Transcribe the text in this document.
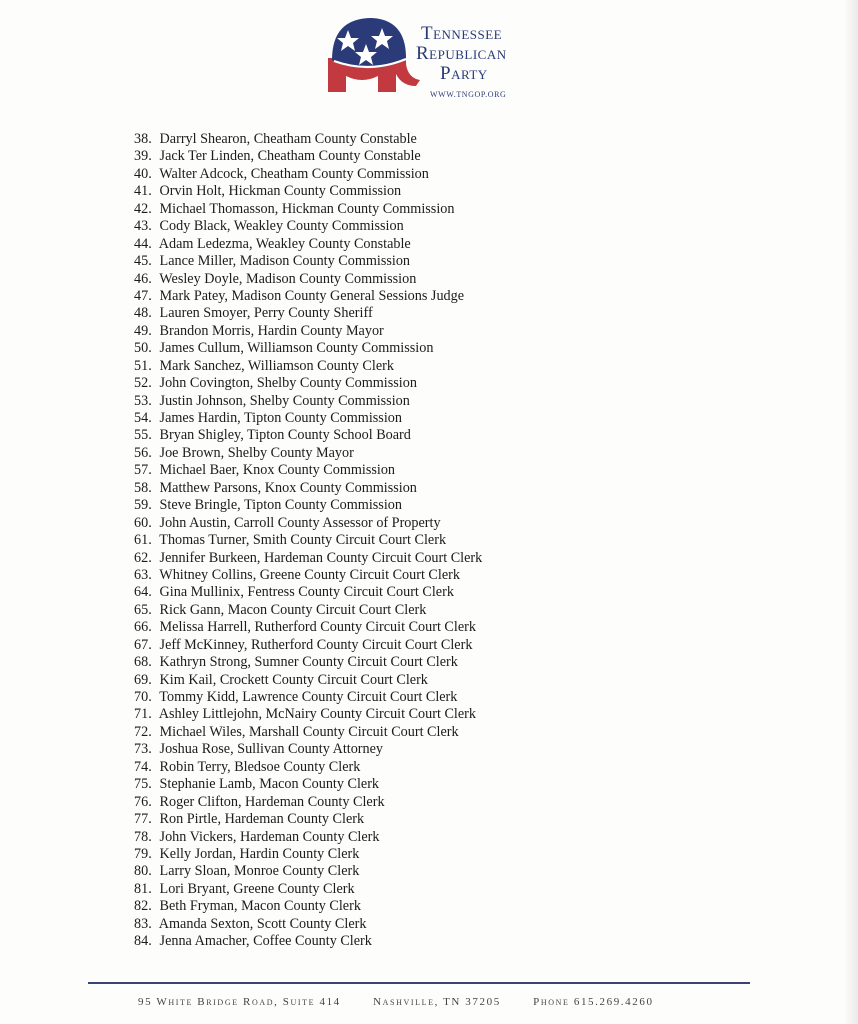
Tennessee
Republican
Party
WWW.TNGOP.ORG
38. Darryl Shearon, Cheatham County Constable
39. Jack Ter Linden, Cheatham County Constable
40. Walter Adcock, Cheatham County Commission
41. Orvin Holt, Hickman County Commission
42. Michael Thomasson, Hickman County Commission
43. Cody Black, Weakley County Commission
44. Adam Ledezma, Weakley County Constable
45. Lance Miller, Madison County Commission
46. Wesley Doyle, Madison County Commission
47. Mark Patey, Madison County General Sessions Judge
48. Lauren Smoyer, Perry County Sheriff
49. Brandon Morris, Hardin County Mayor
50. James Cullum, Williamson County Commission
51. Mark Sanchez, Williamson County Clerk
52. John Covington, Shelby County Commission
53. Justin Johnson, Shelby County Commission
54. James Hardin, Tipton County Commission
55. Bryan Shigley, Tipton County School Board
56. Joe Brown, Shelby County Mayor
57. Michael Baer, Knox County Commission
58. Matthew Parsons, Knox County Commission
59. Steve Bringle, Tipton County Commission
60. John Austin, Carroll County Assessor of Property
61. Thomas Turner, Smith County Circuit Court Clerk
62. Jennifer Burkeen, Hardeman County Circuit Court Clerk
63. Whitney Collins, Greene County Circuit Court Clerk
64. Gina Mullinix, Fentress County Circuit Court Clerk
65. Rick Gann, Macon County Circuit Court Clerk
66. Melissa Harrell, Rutherford County Circuit Court Clerk
67. Jeff McKinney, Rutherford County Circuit Court Clerk
68. Kathryn Strong, Sumner County Circuit Court Clerk
69. Kim Kail, Crockett County Circuit Court Clerk
70. Tommy Kidd, Lawrence County Circuit Court Clerk
71. Ashley Littlejohn, McNairy County Circuit Court Clerk
72. Michael Wiles, Marshall County Circuit Court Clerk
73. Joshua Rose, Sullivan County Attorney
74. Robin Terry, Bledsoe County Clerk
75. Stephanie Lamb, Macon County Clerk
76. Roger Clifton, Hardeman County Clerk
77. Ron Pirtle, Hardeman County Clerk
78. John Vickers, Hardeman County Clerk
79. Kelly Jordan, Hardin County Clerk
80. Larry Sloan, Monroe County Clerk
81. Lori Bryant, Greene County Clerk
82. Beth Fryman, Macon County Clerk
83. Amanda Sexton, Scott County Clerk
84. Jenna Amacher, Coffee County Clerk
95 White Bridge Road, Suite 414	Nashville, TN 37205	Phone 615.269.4260
